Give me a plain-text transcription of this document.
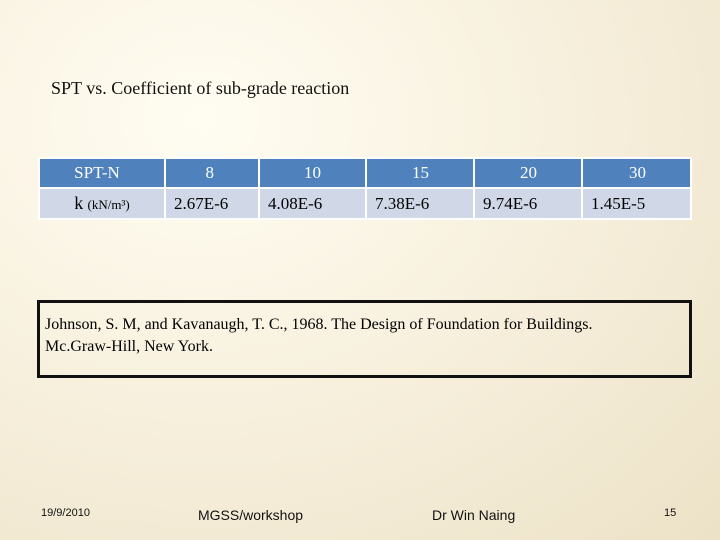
SPT vs. Coefficient of sub-grade reaction
SPT-N	8	10	15	20	30
k (kN/m³)	2.67E-6	4.08E-6	7.38E-6	9.74E-6	1.45E-5
Johnson, S. M, and Kavanaugh, T. C., 1968. The Design of Foundation for Buildings.
Mc.Graw-Hill, New York.
19/9/2010	MGSS/workshop	Dr Win Naing	15
